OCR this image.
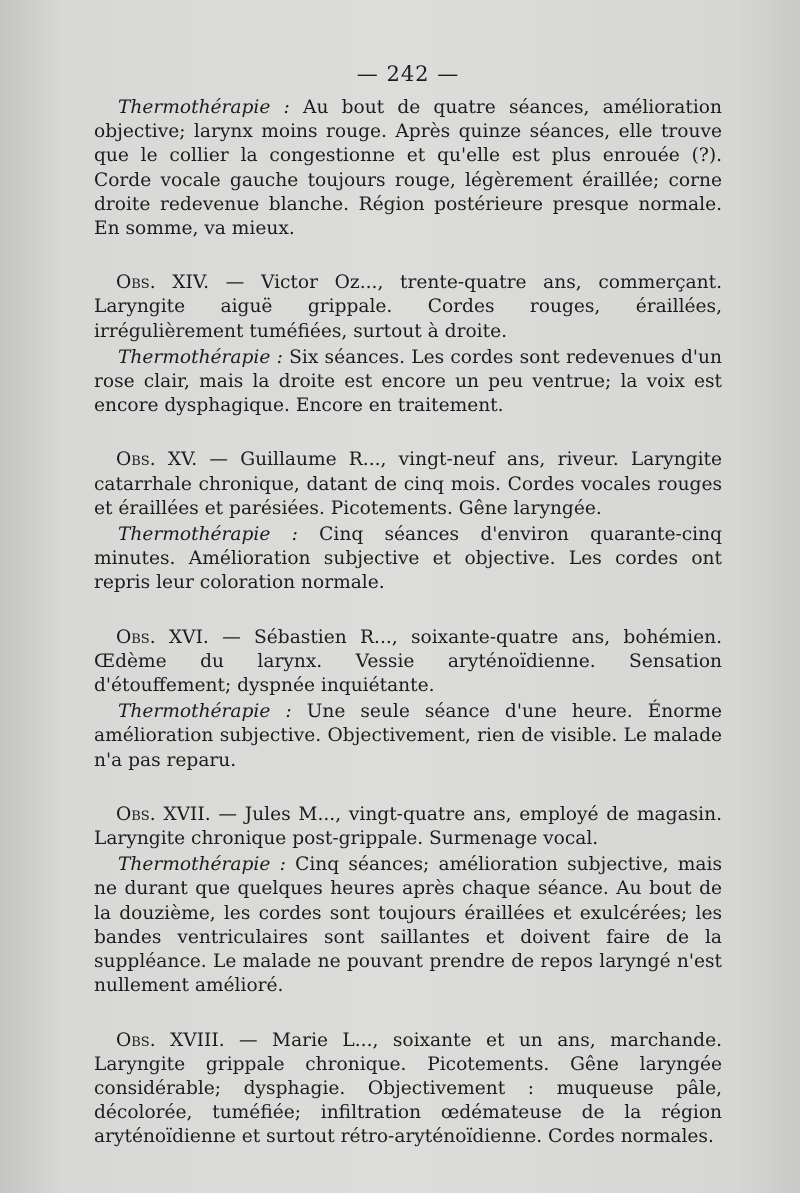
— 242 —

Thermothérapie : Au bout de quatre séances, amélioration objective; larynx moins rouge. Après quinze séances, elle trouve que le collier la congestionne et qu'elle est plus enrouée (?). Corde vocale gauche toujours rouge, légèrement éraillée; corne droite redevenue blanche. Région postérieure presque normale. En somme, va mieux.

Obs. XIV. — Victor Oz..., trente-quatre ans, commerçant. Laryngite aiguë grippale. Cordes rouges, éraillées, irrégulièrement tuméfiées, surtout à droite.

Thermothérapie : Six séances. Les cordes sont redevenues d'un rose clair, mais la droite est encore un peu ventrue; la voix est encore dysphagique. Encore en traitement.

Obs. XV. — Guillaume R..., vingt-neuf ans, riveur. Laryngite catarrhale chronique, datant de cinq mois. Cordes vocales rouges et éraillées et parésiées. Picotements. Gêne laryngée.

Thermothérapie : Cinq séances d'environ quarante-cinq minutes. Amélioration subjective et objective. Les cordes ont repris leur coloration normale.

Obs. XVI. — Sébastien R..., soixante-quatre ans, bohémien. Œdème du larynx. Vessie aryténoïdienne. Sensation d'étouffement; dyspnée inquiétante.

Thermothérapie : Une seule séance d'une heure. Énorme amélioration subjective. Objectivement, rien de visible. Le malade n'a pas reparu.

Obs. XVII. — Jules M..., vingt-quatre ans, employé de magasin. Laryngite chronique post-grippale. Surmenage vocal.

Thermothérapie : Cinq séances; amélioration subjective, mais ne durant que quelques heures après chaque séance. Au bout de la douzième, les cordes sont toujours éraillées et exulcérées; les bandes ventriculaires sont saillantes et doivent faire de la suppléance. Le malade ne pouvant prendre de repos laryngé n'est nullement amélioré.

Obs. XVIII. — Marie L..., soixante et un ans, marchande. Laryngite grippale chronique. Picotements. Gêne laryngée considérable; dysphagie. Objectivement : muqueuse pâle, décolorée, tuméfiée; infiltration œdémateuse de la région aryténoïdienne et surtout rétro-aryténoïdienne. Cordes normales.
